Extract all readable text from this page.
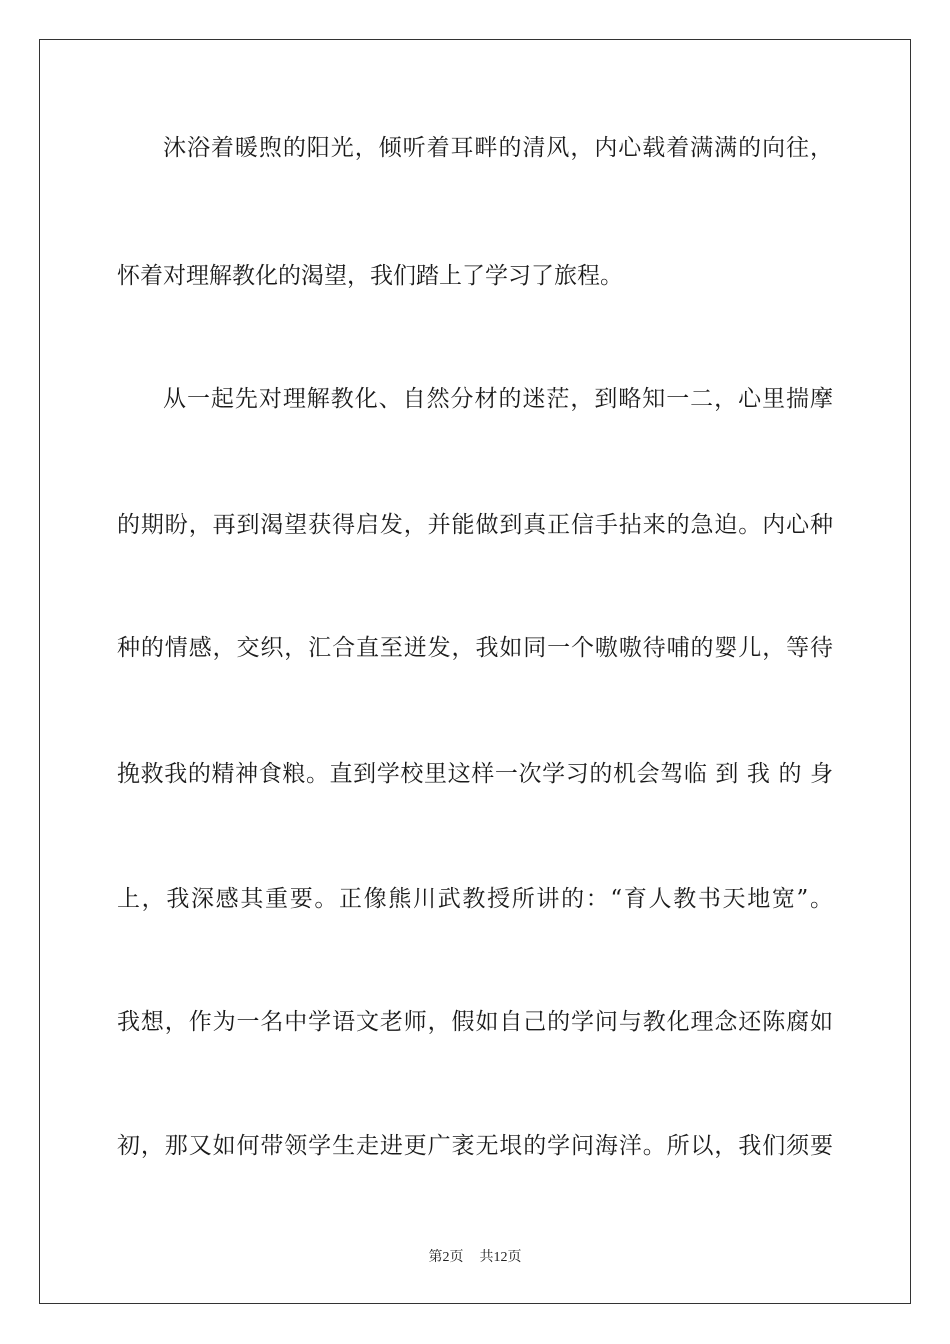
沐浴着暖煦的阳光，倾听着耳畔的清风，内心载着满满的向往，
怀着对理解教化的渴望，我们踏上了学习了旅程。
从一起先对理解教化、自然分材的迷茫，到略知一二，心里揣摩
的期盼，再到渴望获得启发，并能做到真正信手拈来的急迫。内心种
种的情感，交织，汇合直至迸发，我如同一个嗷嗷待哺的婴儿，等待
挽救我的精神食粮。直到学校里这样一次学习的机会驾临 到 我 的 身
上，我深感其重要。正像熊川武教授所讲的：“育人教书天地宽”。
我想，作为一名中学语文老师，假如自己的学问与教化理念还陈腐如
初，那又如何带领学生走进更广袤无垠的学问海洋。所以，我们须要
第2页 共12页
